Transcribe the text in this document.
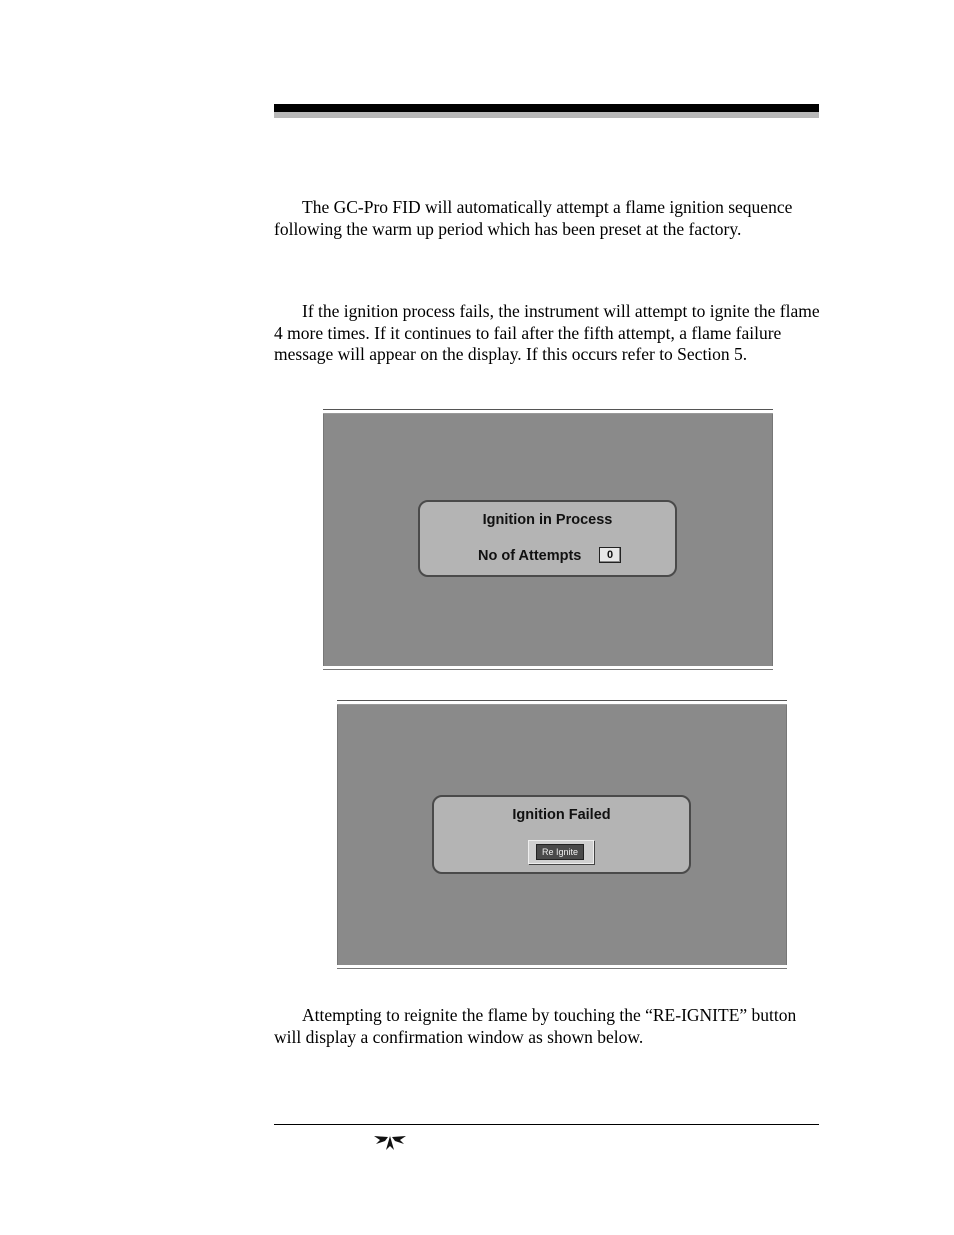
The GC-Pro FID will automatically attempt a flame ignition sequence following the warm up period which has been preset at the factory.

If the ignition process fails, the instrument will attempt to ignite the flame 4 more times. If it continues to fail after the fifth attempt, a flame failure message will appear on the display. If this occurs refer to Section 5.

Ignition in Process
No of Attempts	0
Ignition Failed
Re Ignite

Attempting to reignite the flame by touching the “RE-IGNITE” button will display a confirmation window as shown below.
